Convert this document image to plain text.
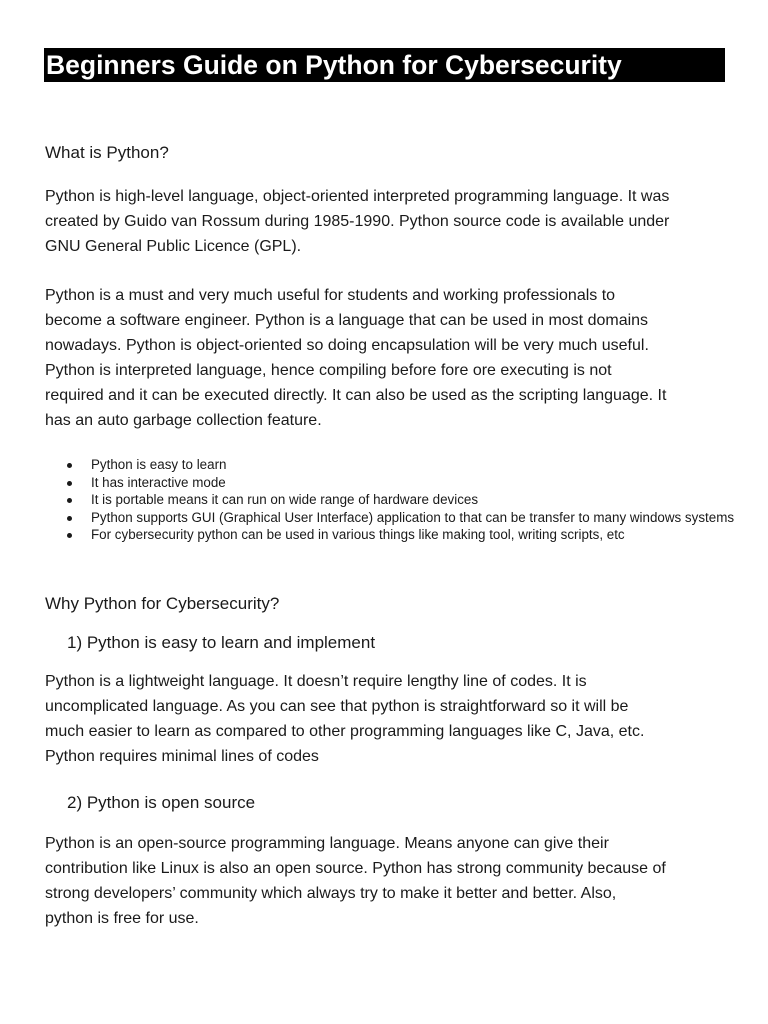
Beginners Guide on Python for Cybersecurity
What is Python?

Python is high-level language, object-oriented interpreted programming language. It was
created by Guido van Rossum during 1985-1990. Python source code is available under
GNU General Public Licence (GPL).

Python is a must and very much useful for students and working professionals to
become a software engineer. Python is a language that can be used in most domains
nowadays. Python is object-oriented so doing encapsulation will be very much useful.
Python is interpreted language, hence compiling before fore ore executing is not
required and it can be executed directly. It can also be used as the scripting language. It
has an auto garbage collection feature.

Python is easy to learn
It has interactive mode
It is portable means it can run on wide range of hardware devices
Python supports GUI (Graphical User Interface) application to that can be transfer to many windows systems
For cybersecurity python can be used in various things like making tool, writing scripts, etc
Why Python for Cybersecurity?
1) Python is easy to learn and implement

Python is a lightweight language. It doesn’t require lengthy line of codes. It is
uncomplicated language. As you can see that python is straightforward so it will be
much easier to learn as compared to other programming languages like C, Java, etc.
Python requires minimal lines of codes

2) Python is open source

Python is an open-source programming language. Means anyone can give their
contribution like Linux is also an open source. Python has strong community because of
strong developers’ community which always try to make it better and better. Also,
python is free for use.
